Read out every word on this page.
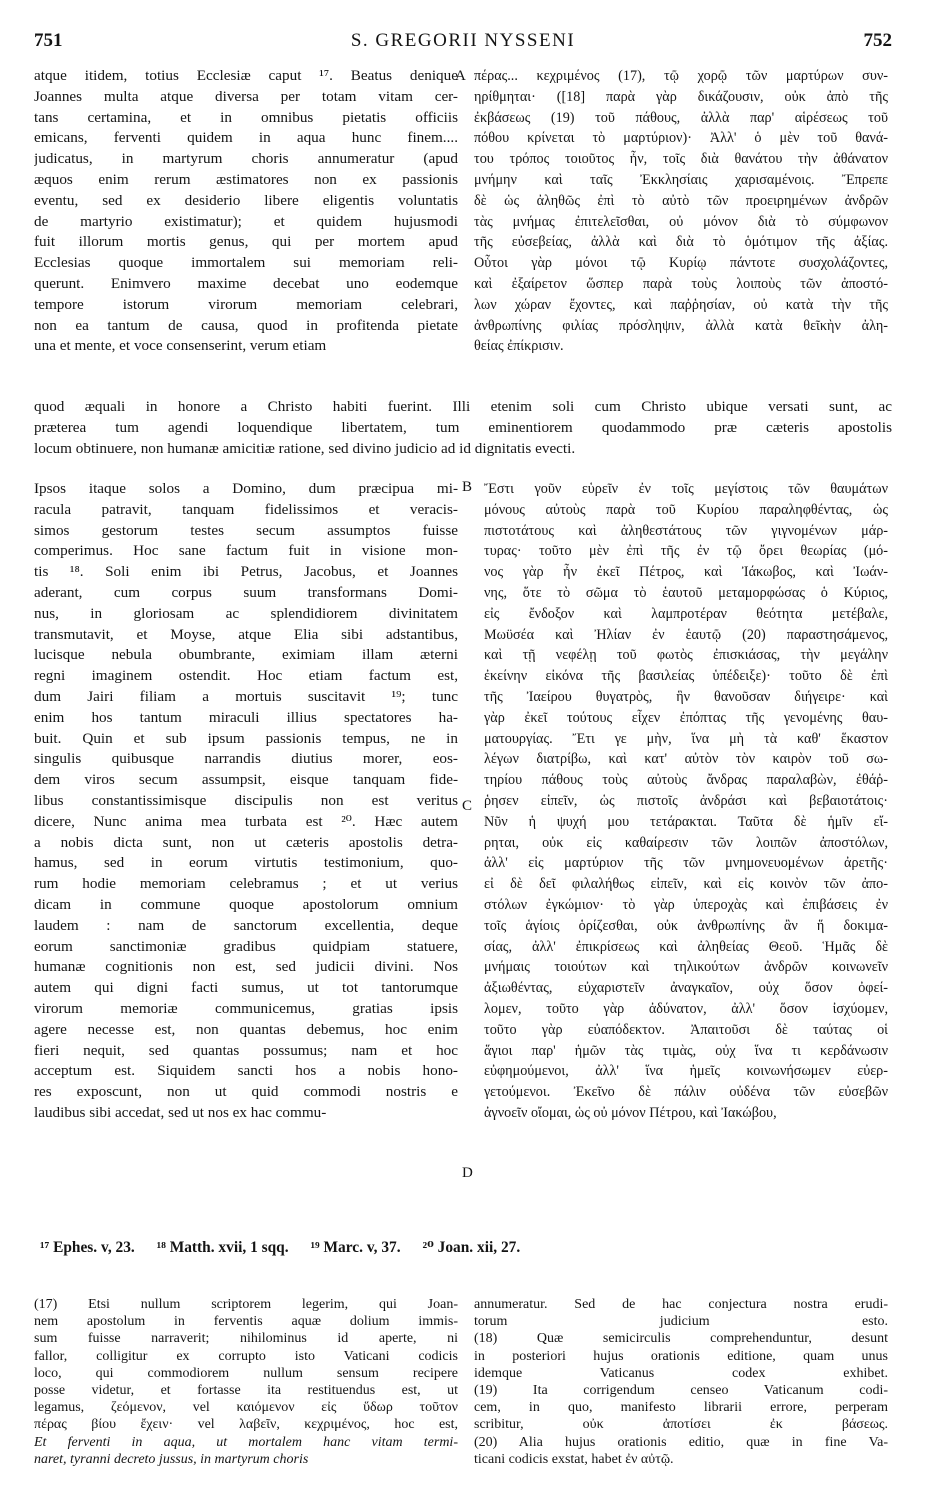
751	S. GREGORII NYSSENI	752
atque itidem, totius Ecclesiæ caput ¹⁷. Beatus denique
Joannes multa atque diversa per totam vitam cer-
tans certamina, et in omnibus pietatis officiis
emicans, ferventi quidem in aqua hunc finem....
judicatus, in martyrum choris annumeratur (apud
æquos enim rerum æstimatores non ex passionis
eventu, sed ex desiderio libere eligentis voluntatis
de martyrio existimatur); et quidem hujusmodi
fuit illorum mortis genus, qui per mortem apud
Ecclesias quoque immortalem sui memoriam reli-
querunt. Enimvero maxime decebat uno eodemque
tempore istorum virorum memoriam celebrari,
non ea tantum de causa, quod in profitenda pietate
una et mente, et voce consenserint, verum etiam
πέρας... κεχριμένος (17), τῷ χορῷ τῶν μαρτύρων συν-
ηρίθμηται· ([18] παρὰ γὰρ δικάζουσιν, οὐκ ἀπὸ τῆς
ἐκβάσεως (19) τοῦ πάθους, ἀλλὰ παρ' αἱρέσεως τοῦ
πόθου κρίνεται τὸ μαρτύριον)· Ἀλλ' ὁ μὲν τοῦ θανά-
του τρόπος τοιοῦτος ἦν, τοῖς διὰ θανάτου τὴν ἀθάνατον
μνήμην καὶ ταῖς Ἐκκλησίαις χαρισαμένοις. Ἔπρεπε
δὲ ὡς ἀληθῶς ἐπὶ τὸ αὐτὸ τῶν προειρημένων ἀνδρῶν
τὰς μνήμας ἐπιτελεῖσθαι, οὐ μόνον διὰ τὸ σύμφωνον
τῆς εὐσεβείας, ἀλλὰ καὶ διὰ τὸ ὁμότιμον τῆς ἀξίας.
Οὗτοι γὰρ μόνοι τῷ Κυρίῳ πάντοτε συσχολάζοντες,
καὶ ἐξαίρετον ὥσπερ παρὰ τοὺς λοιποὺς τῶν ἀποστό-
λων χώραν ἔχοντες, καὶ παῤῥησίαν, οὐ κατὰ τὴν τῆς
ἀνθρωπίνης φιλίας πρόσληψιν, ἀλλὰ κατὰ θεῖκὴν ἀλη-
θείας ἐπίκρισιν.
quod æquali in honore a Christo habiti fuerint. Illi etenim soli cum Christo ubique versati sunt, ac
præterea tum agendi loquendique libertatem, tum eminentiorem quodammodo præ cæteris apostolis
locum obtinuere, non humanæ amicitiæ ratione, sed divino judicio ad id dignitatis evecti.
Ipsos itaque solos a Domino, dum præcipua mi-
racula patravit, tanquam fidelissimos et veracis-
simos gestorum testes secum assumptos fuisse
comperimus. Hoc sane factum fuit in visione mon-
tis ¹⁸. Soli enim ibi Petrus, Jacobus, et Joannes
aderant, cum corpus suum transformans Domi-
nus, in gloriosam ac splendidiorem divinitatem
transmutavit, et Moyse, atque Elia sibi adstantibus,
lucisque nebula obumbrante, eximiam illam æterni
regni imaginem ostendit. Hoc etiam factum est,
dum Jairi filiam a mortuis suscitavit ¹⁹; tunc
enim hos tantum miraculi illius spectatores ha-
buit. Quin et sub ipsum passionis tempus, ne in
singulis quibusque narrandis diutius morer, eos-
dem viros secum assumpsit, eisque tanquam fide-
libus constantissimisque discipulis non est veritus
dicere, Nunc anima mea turbata est ²⁰. Hæc autem
a nobis dicta sunt, non ut cæteris apostolis detra-
hamus, sed in eorum virtutis testimonium, quo-
rum hodie memoriam celebramus ; et ut verius
dicam in commune quoque apostolorum omnium
laudem : nam de sanctorum excellentia, deque
eorum sanctimoniæ gradibus quidpiam statuere,
humanæ cognitionis non est, sed judicii divini. Nos
autem qui digni facti sumus, ut tot tantorumque
virorum memoriæ communicemus, gratias ipsis
agere necesse est, non quantas debemus, hoc enim
fieri nequit, sed quantas possumus; nam et hoc
acceptum est. Siquidem sancti hos a nobis hono-
res exposcunt, non ut quid commodi nostris e
laudibus sibi accedat, sed ut nos ex hac commu-
Ἔστι γοῦν εὑρεῖν ἐν τοῖς μεγίστοις τῶν θαυμάτων
μόνους αὐτοὺς παρὰ τοῦ Κυρίου παραληφθέντας, ὡς
πιστοτάτους καὶ ἀληθεστάτους τῶν γιγνομένων μάρ-
τυρας· τοῦτο μὲν ἐπὶ τῆς ἐν τῷ ὄρει θεωρίας (μό-
νος γὰρ ἦν ἐκεῖ Πέτρος, καὶ Ἰάκωβος, καὶ Ἰωάν-
νης, ὅτε τὸ σῶμα τὸ ἑαυτοῦ μεταμορφώσας ὁ Κύριος,
εἰς ἔνδοξον καὶ λαμπροτέραν θεότητα μετέβαλε,
Μωϋσέα καὶ Ἠλίαν ἐν ἑαυτῷ (20) παραστησάμενος,
καὶ τῇ νεφέλῃ τοῦ φωτὸς ἐπισκιάσας, τὴν μεγάλην
ἐκείνην εἰκόνα τῆς βασιλείας ὑπέδειξε)· τοῦτο δὲ ἐπὶ
τῆς Ἰαείρου θυγατρὸς, ἣν θανοῦσαν διήγειρε· καὶ
γὰρ ἐκεῖ τούτους εἶχεν ἐπόπτας τῆς γενομένης θαυ-
ματουργίας. Ἔτι γε μὴν, ἵνα μὴ τὰ καθ' ἕκαστον
λέγων διατρίβω, καὶ κατ' αὐτὸν τὸν καιρὸν τοῦ σω-
τηρίου πάθους τοὺς αὐτοὺς ἄνδρας παραλαβὼν, ἐθάῤ-
ῥησεν εἰπεῖν, ὡς πιστοῖς ἀνδράσι καὶ βεβαιοτάτοις·
Νῦν ἡ ψυχή μου τετάρακται. Ταῦτα δὲ ἡμῖν εἴ-
ρηται, οὐκ εἰς καθαίρεσιν τῶν λοιπῶν ἀποστόλων,
ἀλλ' εἰς μαρτύριον τῆς τῶν μνημονευομένων ἀρετῆς·
εἰ δὲ δεῖ φιλαλήθως εἰπεῖν, καὶ εἰς κοινὸν τῶν ἀπο-
στόλων ἐγκώμιον· τὸ γὰρ ὑπεροχὰς καὶ ἐπιβάσεις ἐν
τοῖς ἁγίοις ὁρίζεσθαι, οὐκ ἀνθρωπίνης ἂν ἥ δοκιμα-
σίας, ἀλλ' ἐπικρίσεως καὶ ἀληθείας Θεοῦ. Ἡμᾶς δὲ
μνήμαις τοιούτων καὶ τηλικούτων ἀνδρῶν κοινωνεῖν
ἀξιωθέντας, εὐχαριστεῖν ἀναγκαῖον, οὐχ ὅσον ὀφεί-
λομεν, τοῦτο γὰρ ἀδύνατον, ἀλλ' ὅσον ἰσχύομεν,
τοῦτο γὰρ εὐαπόδεκτον. Ἀπαιτοῦσι δὲ ταύτας οἱ
ἅγιοι παρ' ἡμῶν τὰς τιμὰς, οὐχ ἵνα τι κερδάνωσιν
εὐφημούμενοι, ἀλλ' ἵνα ἡμεῖς κοινωνήσωμεν εὐερ-
γετούμενοι. Ἐκεῖνο δὲ πάλιν οὐδένα τῶν εὐσεβῶν
ἀγνοεῖν οἴομαι, ὡς οὐ μόνον Πέτρου, καὶ Ἰακώβου,
A
B
C
D
¹⁷ Ephes. v, 23. ¹⁸ Matth. xvii, 1 sqq. ¹⁹ Marc. v, 37. ²⁰ Joan. xii, 27.
(17) Etsi nullum scriptorem legerim, qui Joan-
nem apostolum in ferventis aquæ dolium immis-
sum fuisse narraverit; nihilominus id aperte, ni
fallor, colligitur ex corrupto isto Vaticani codicis
loco, qui commodiorem nullum sensum recipere
posse videtur, et fortasse ita restituendus est, ut
legamus, ζεόμενον, vel καιόμενον εἰς ὕδωρ τοῦτον
πέρας βίου ἔχειν· vel λαβεῖν, κεχριμένος, hoc est,
Et ferventi in aqua, ut mortalem hanc vitam termi-
naret, tyranni decreto jussus, in martyrum choris
annumeratur. Sed de hac conjectura nostra erudi-
torum judicium esto.
(18) Quæ semicirculis comprehenduntur, desunt
in posteriori hujus orationis editione, quam unus
idemque Vaticanus codex exhibet.
(19) Ita corrigendum censeo Vaticanum codi-
cem, in quo, manifesto librarii errore, perperam
scribitur, οὐκ ἀποτίσει ἐκ βάσεως.
(20) Alia hujus orationis editio, quæ in fine Va-
ticani codicis exstat, habet ἐν αὐτῷ.
